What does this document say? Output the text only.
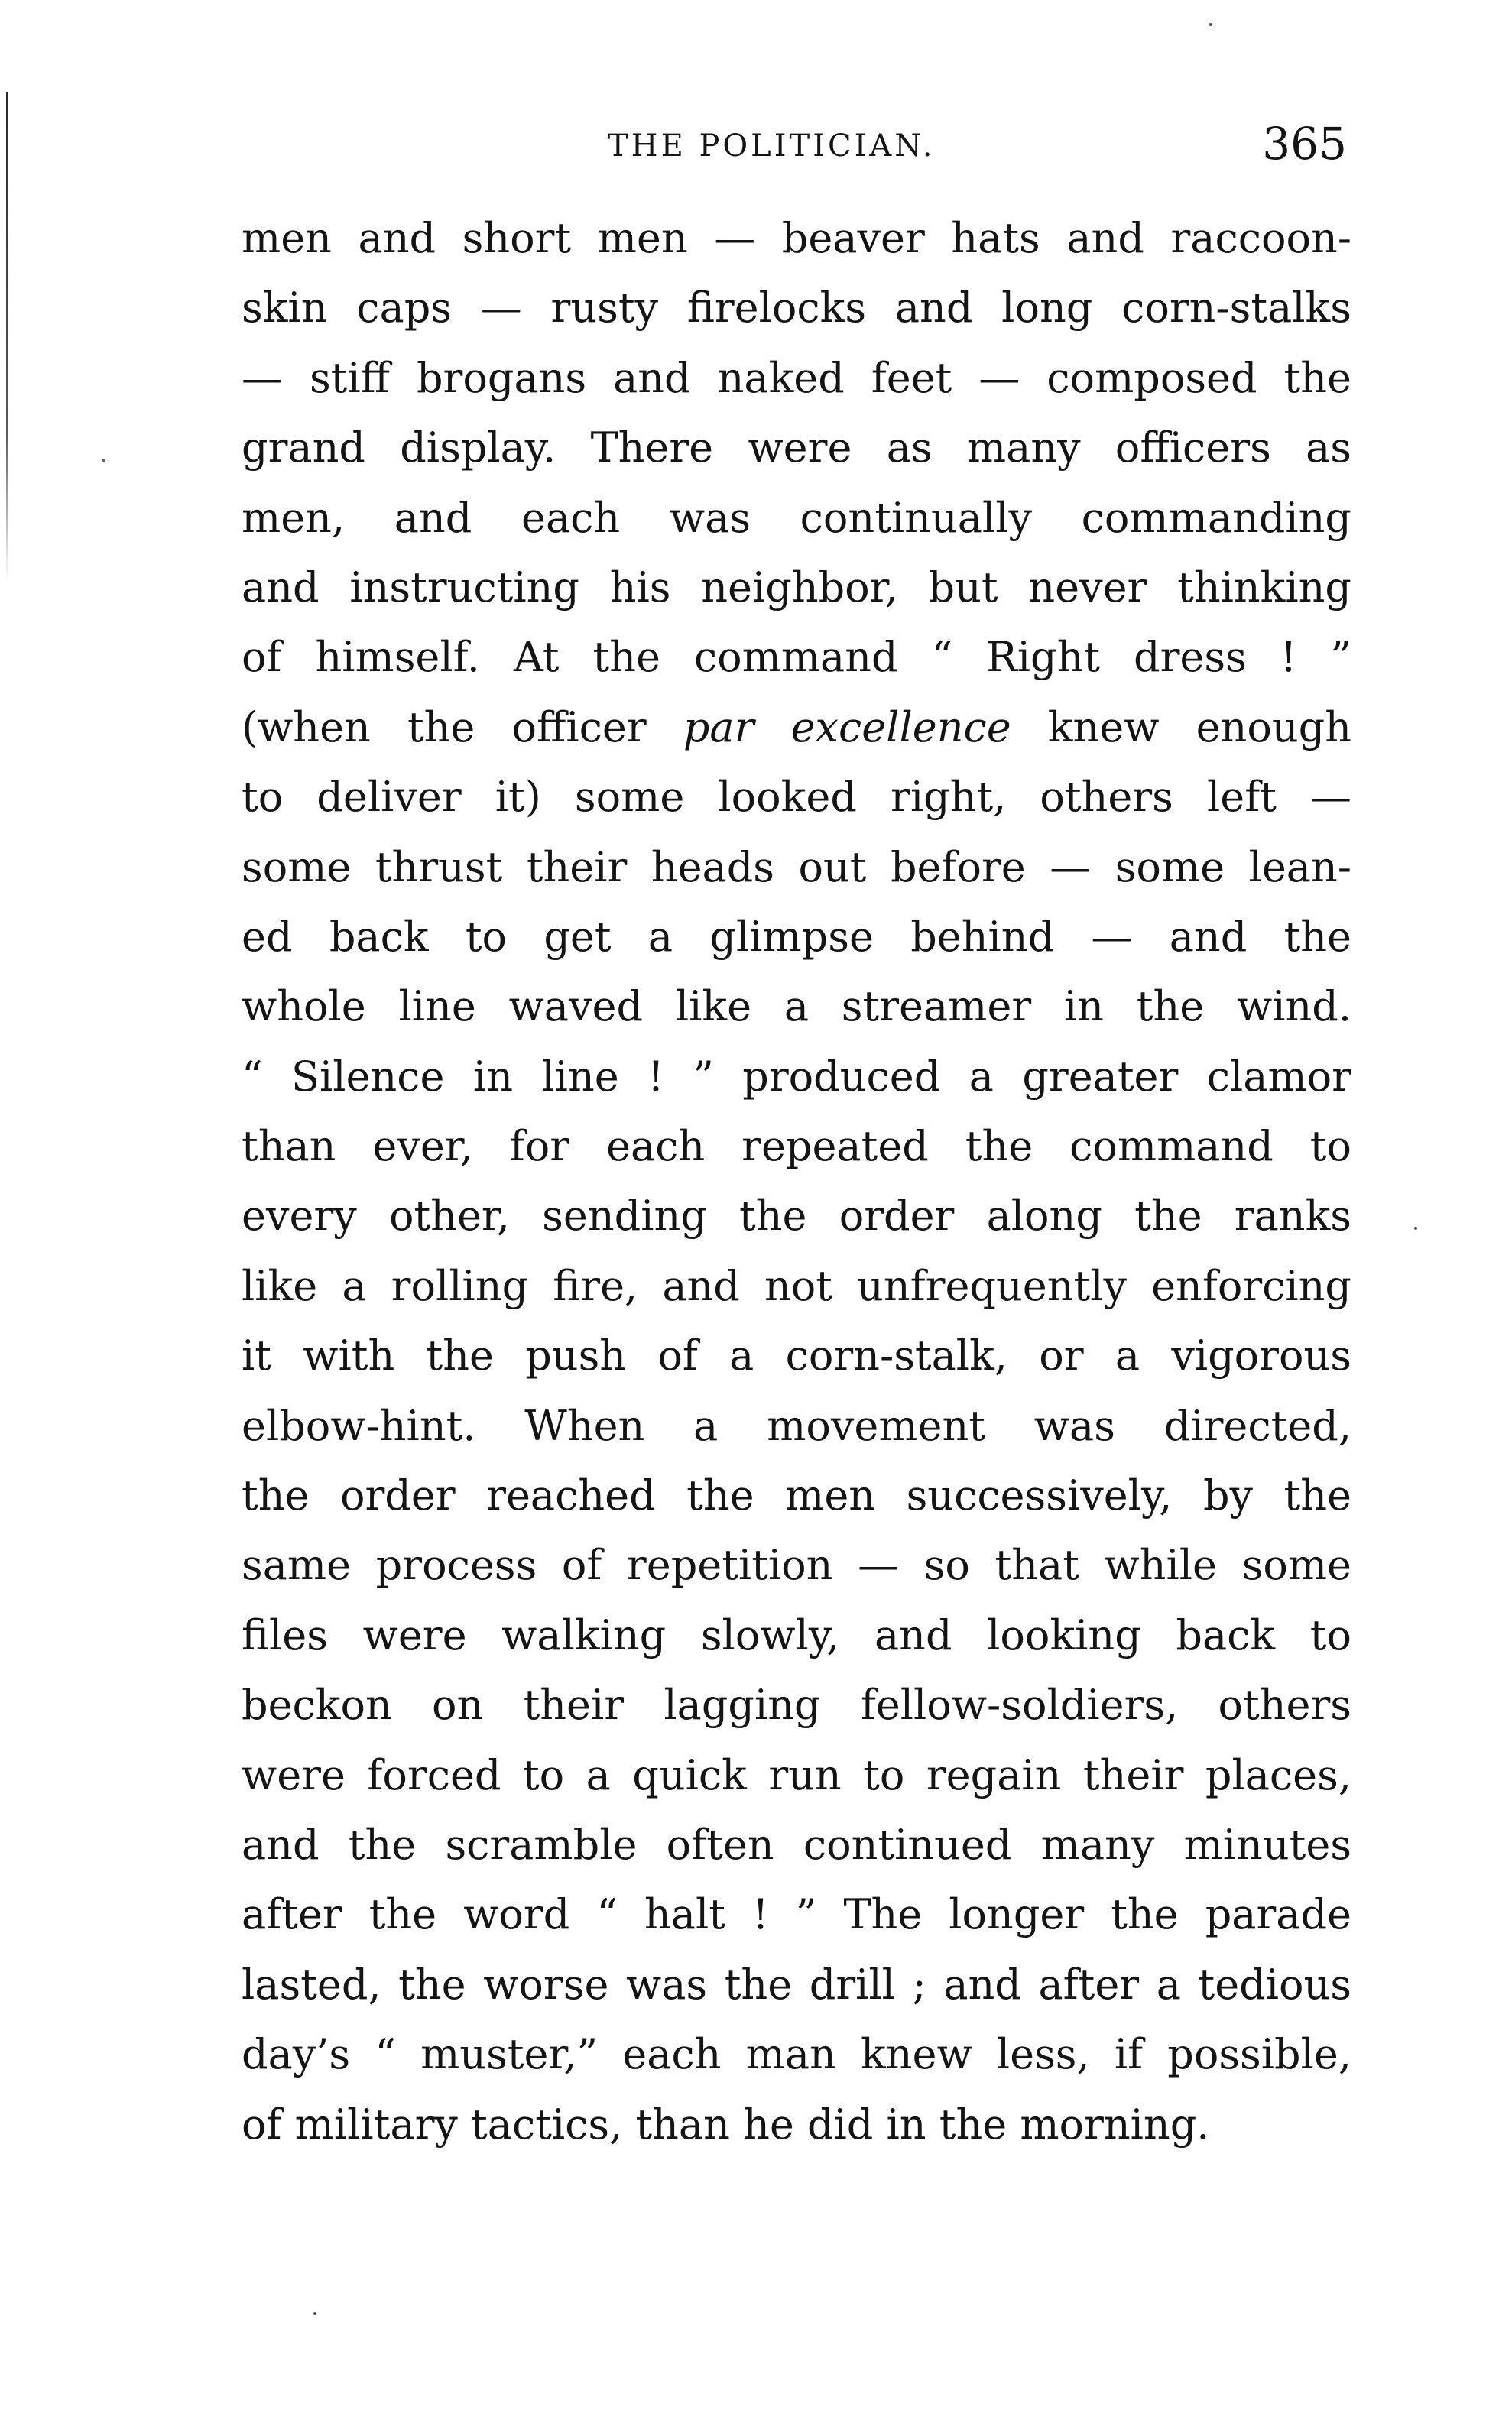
THE POLITICIAN.	365
men and short men — beaver hats and raccoon-
skin caps — rusty firelocks and long corn-stalks
— stiff brogans and naked feet — composed the
grand display. There were as many officers as
men, and each was continually commanding
and instructing his neighbor, but never thinking
of himself. At the command “ Right dress ! ”
(when the officer par excellence knew enough
to deliver it) some looked right, others left —
some thrust their heads out before — some lean-
ed back to get a glimpse behind — and the
whole line waved like a streamer in the wind.
“ Silence in line ! ” produced a greater clamor
than ever, for each repeated the command to
every other, sending the order along the ranks
like a rolling fire, and not unfrequently enforcing
it with the push of a corn-stalk, or a vigorous
elbow-hint. When a movement was directed,
the order reached the men successively, by the
same process of repetition — so that while some
files were walking slowly, and looking back to
beckon on their lagging fellow-soldiers, others
were forced to a quick run to regain their places,
and the scramble often continued many minutes
after the word “ halt ! ” The longer the parade
lasted, the worse was the drill ; and after a tedious
day’s “ muster,” each man knew less, if possible,
of military tactics, than he did in the morning.
